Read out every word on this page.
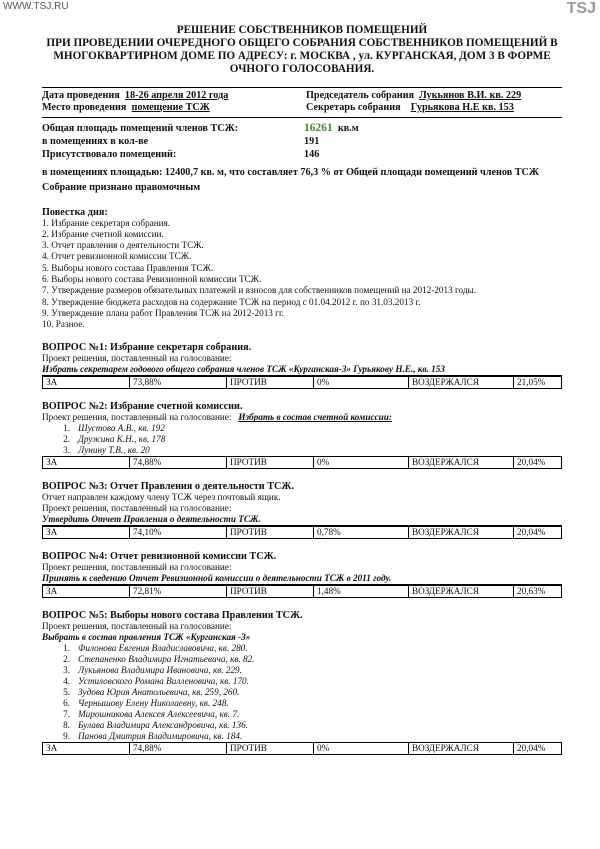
WWW.TSJ.RU	TSJ

РЕШЕНИЕ СОБСТВЕННИКОВ ПОМЕЩЕНИЙ

ПРИ ПРОВЕДЕНИИ ОЧЕРЕДНОГО ОБЩЕГО СОБРАНИЯ СОБСТВЕННИКОВ ПОМЕЩЕНИЙ В

МНОГОКВАРТИРНОМ ДОМЕ ПО АДРЕСУ: г. МОСКВА , ул. КУРГАНСКАЯ, ДОМ 3 В ФОРМЕ

ОЧНОГО ГОЛОСОВАНИЯ.

Дата проведения 18-26 апреля 2012 года
Место проведения помещение ТСЖ
Председатель собрания Лукьянов В.И. кв. 229
Секретарь собрания Гурьякова Н.Е кв. 153
Общая площадь помещений членов ТСЖ:	16261
кв.м
в помещениях в кол-ве	191
Присутствовало помещений:	146
в помещениях площадью: 12400,7 кв. м, что составляет 76,3 % от Общей площади помещений членов ТСЖ
Собрание признано правомочным
Повестка дня:
1. Избрание секретаря собрания.
2. Избрание счетной комиссии.
3. Отчет правления о деятельности ТСЖ.
4. Отчет ревизионной комиссии ТСЖ.
5. Выборы нового состава Правления ТСЖ.
6. Выборы нового состава Ревизионной комиссии ТСЖ.
7. Утверждение размеров обязательных платежей и взносов для собственников помещений на 2012-2013 годы.
8. Утверждение бюджета расходов на содержание ТСЖ на период с 01.04.2012 г. по 31.03.2013 г.
9. Утверждение плана работ Правления ТСЖ на 2012-2013 гг.
10. Разное.
ВОПРОС №1: Избрание секретаря собрания.
Проект решения, поставленный на голосование:
Избрать секретарем годового общего собрания членов ТСЖ «Курганская-3» Гурьякову Н.Е., кв. 153
ЗА	73,88%	ПРОТИВ	0%	ВОЗДЕРЖАЛСЯ	21,05%
ВОПРОС №2: Избрание счетной комиссии.
Проект решения, поставленный на голосование: Избрать в состав счетной комиссии:
1. Шустова А.В., кв. 192
2. Дружина К.Н., кв. 178
3. Лунину Т.В., кв. 20
ЗА	74,88%	ПРОТИВ	0%	ВОЗДЕРЖАЛСЯ	20,04%
ВОПРОС №3: Отчет Правления о деятельности ТСЖ.
Отчет направлен каждому члену ТСЖ через почтовый ящик.
Проект решения, поставленный на голосование:
Утвердить Отчет Правления о деятельности ТСЖ.
ЗА	74,10%	ПРОТИВ	0,78%	ВОЗДЕРЖАЛСЯ	20,04%
ВОПРОС №4: Отчет ревизионной комиссии ТСЖ.
Проект решения, поставленный на голосование:
Принять к сведению Отчет Ревизионной комиссии о деятельности ТСЖ в 2011 году.
ЗА	72,81%	ПРОТИВ	1,48%	ВОЗДЕРЖАЛСЯ	20,63%
ВОПРОС №5: Выборы нового состава Правления ТСЖ.
Проект решения, поставленный на голосование:
Выбрать в состав правления ТСЖ «Курганская -3»
1. Филонова Евгения Владиславовича, кв. 280.
2. Степаненко Владимира Игнатьевича, кв. 82.
3. Лукьянова Владимира Ивановича, кв. 229.
4. Устиловского Романа Вилленовича, кв. 170.
5. Зудова Юрия Анатольевича, кв. 259, 260.
6. Чернышову Елену Николаевну, кв. 248.
7. Мирошникова Алексея Алексеевича, кв. 7.
8. Булава Владимира Александровича, кв. 136.
9. Панова Дмитрия Владимировича, кв. 184.
ЗА	74,88%	ПРОТИВ	0%	ВОЗДЕРЖАЛСЯ	20,04%
